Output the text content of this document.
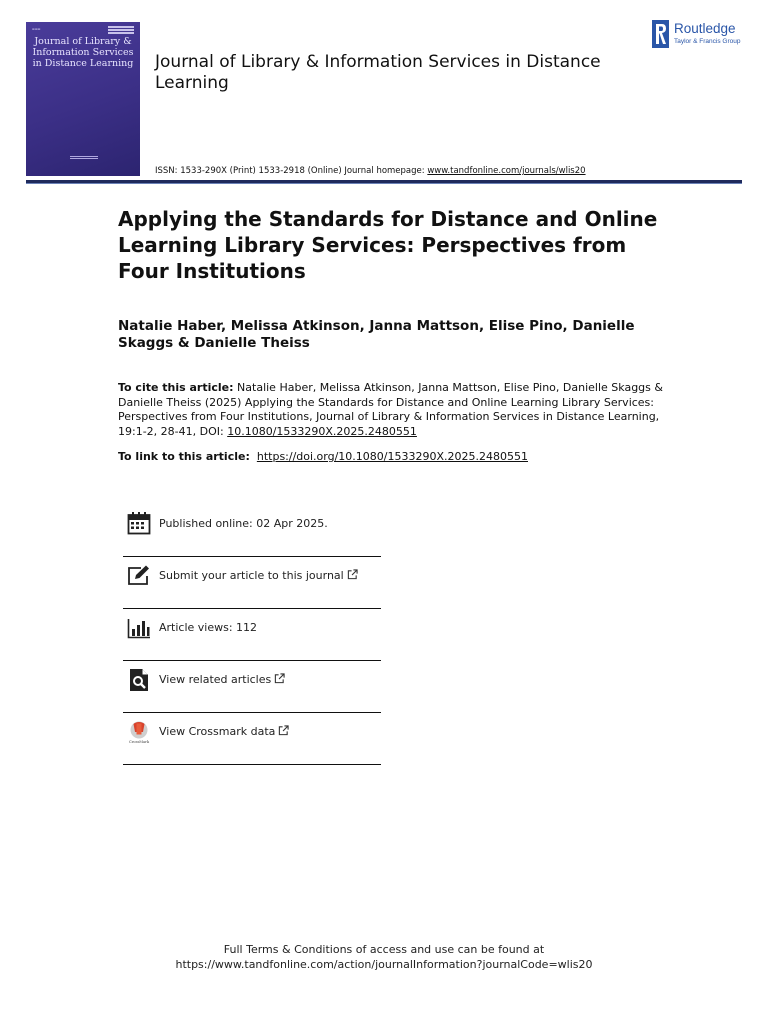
▬▬▬
Journal of Library & Information Services in Distance Learning Journal of Library & Information Services in Distance Learning
Routledge
Taylor & Francis Group
ISSN: 1533-290X (Print) 1533-2918 (Online) Journal homepage: www.tandfonline.com/journals/wlis20
Applying the Standards for Distance and Online Learning Library Services: Perspectives from Four Institutions
Natalie Haber, Melissa Atkinson, Janna Mattson, Elise Pino, Danielle Skaggs & Danielle Theiss
To cite this article: Natalie Haber, Melissa Atkinson, Janna Mattson, Elise Pino, Danielle Skaggs & Danielle Theiss (2025) Applying the Standards for Distance and Online Learning Library Services: Perspectives from Four Institutions, Journal of Library & Information Services in Distance Learning, 19:1-2, 28-41, DOI: 10.1080/1533290X.2025.2480551
To link to this article: https://doi.org/10.1080/1533290X.2025.2480551
Published online: 02 Apr 2025.
Submit your article to this journal
Article views: 112
View related articles
CrossMark
View Crossmark data
Full Terms & Conditions of access and use can be found at
https://www.tandfonline.com/action/journalInformation?journalCode=wlis20
